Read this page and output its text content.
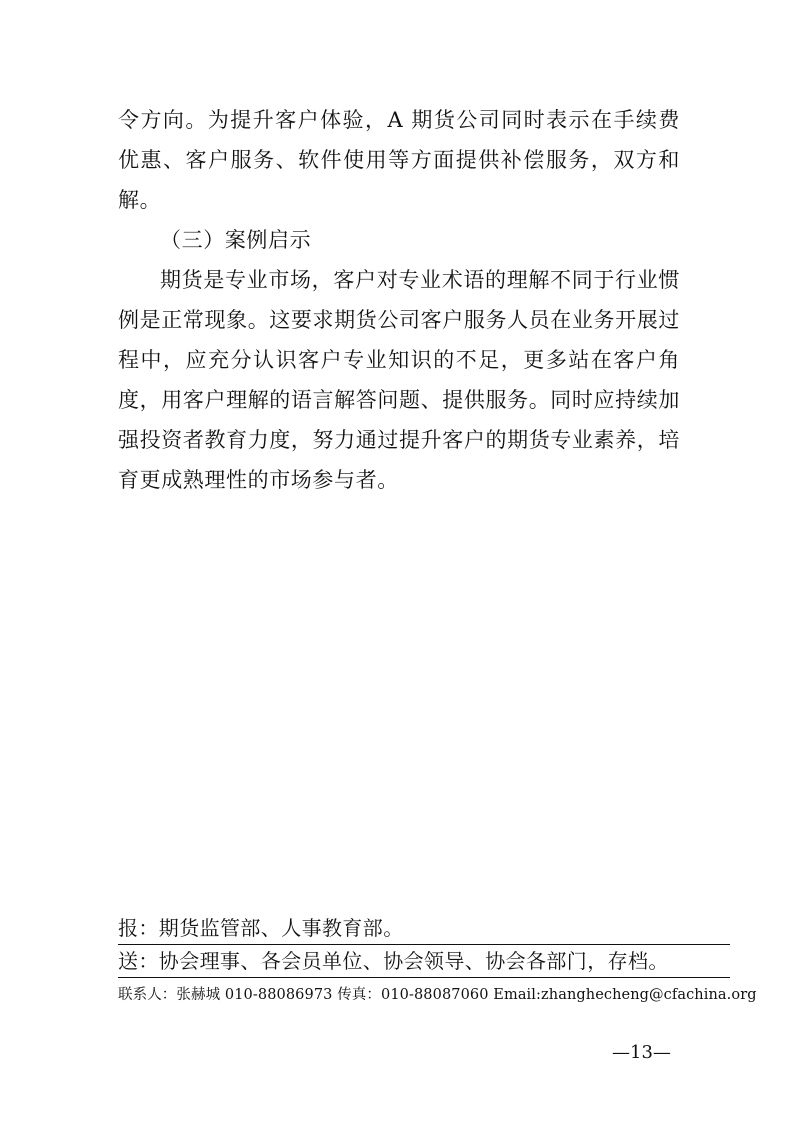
令方向。为提升客户体验，A 期货公司同时表示在手续费优惠、客户服务、软件使用等方面提供补偿服务，双方和解。

（三）案例启示

期货是专业市场，客户对专业术语的理解不同于行业惯例是正常现象。这要求期货公司客户服务人员在业务开展过程中，应充分认识客户专业知识的不足，更多站在客户角度，用客户理解的语言解答问题、提供服务。同时应持续加强投资者教育力度，努力通过提升客户的期货专业素养，培育更成熟理性的市场参与者。

报：期货监管部、人事教育部。
送：协会理事、各会员单位、协会领导、协会各部门，存档。
联系人：张赫城 010-88086973 传真：010-88087060 Email:zhanghecheng@cfachina.org
—13—
